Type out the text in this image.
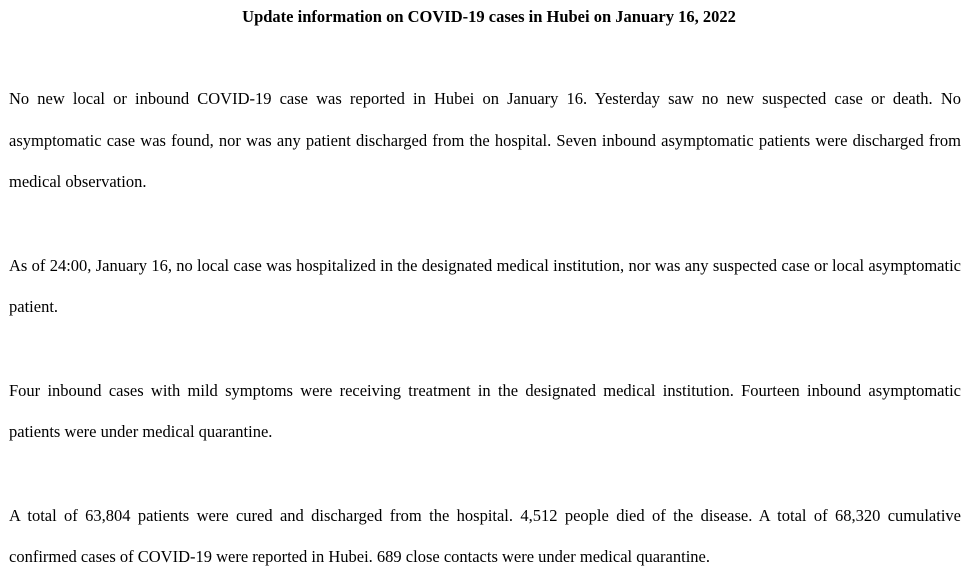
Update information on COVID-19 cases in Hubei on January 16, 2022

No new local or inbound COVID-19 case was reported in Hubei on January 16. Yesterday saw no new suspected case or death. No asymptomatic case was found, nor was any patient discharged from the hospital. Seven inbound asymptomatic patients were discharged from medical observation.

As of 24:00, January 16, no local case was hospitalized in the designated medical institution, nor was any suspected case or local asymptomatic patient.

Four inbound cases with mild symptoms were receiving treatment in the designated medical institution. Fourteen inbound asymptomatic patients were under medical quarantine.

A total of 63,804 patients were cured and discharged from the hospital. 4,512 people died of the disease. A total of 68,320 cumulative confirmed cases of COVID-19 were reported in Hubei. 689 close contacts were under medical quarantine.
